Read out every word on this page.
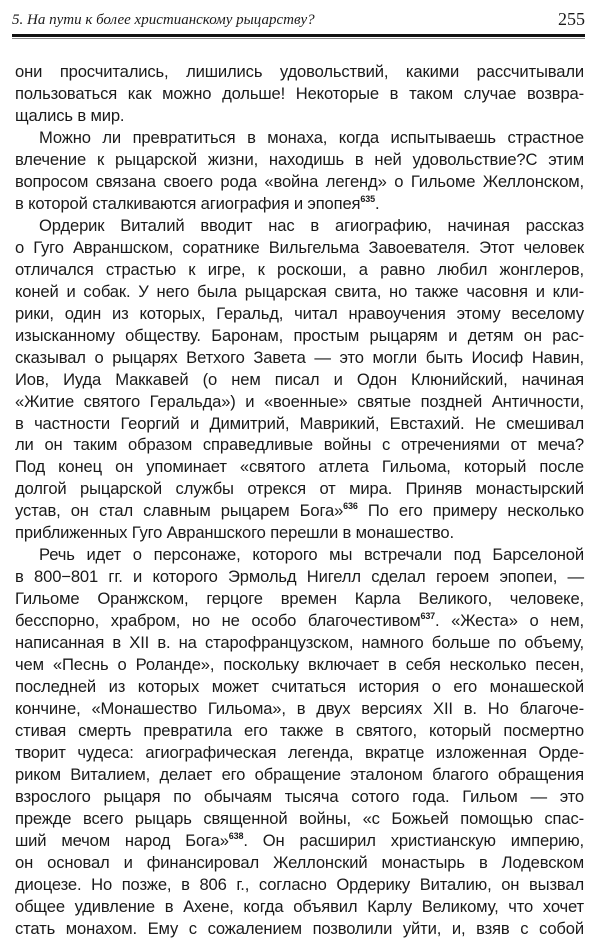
5. На пути к более христианскому рыцарству?	255
они просчитались, лишились удовольствий, какими рассчитывали
пользоваться как можно дольше! Некоторые в таком случае возвра-
щались в мир.
Можно ли превратиться в монаха, когда испытываешь страстное
влечение к рыцарской жизни, находишь в ней удовольствие?С этим
вопросом связана своего рода «война легенд» о Гильоме Желлонском,
в которой сталкиваются агиография и эпопея$^{635}$.
Ордерик Виталий вводит нас в агиографию, начиная рассказ
о Гуго Авраншском, соратнике Вильгельма Завоевателя. Этот человек
отличался страстью к игре, к роскоши, а равно любил жонглеров,
коней и собак. У него была рыцарская свита, но также часовня и кли-
рики, один из которых, Геральд, читал нравоучения этому веселому
изысканному обществу. Баронам, простым рыцарям и детям он рас-
сказывал о рыцарях Ветхого Завета — это могли быть Иосиф Навин,
Иов, Иуда Маккавей (о нем писал и Одон Клюнийский, начиная
«Житие святого Геральда») и «военные» святые поздней Античности,
в частности Георгий и Димитрий, Маврикий, Евстахий. Не смешивал
ли он таким образом справедливые войны с отречениями от меча?
Под конец он упоминает «святого атлета Гильома, который после
долгой рыцарской службы отрекся от мира. Приняв монастырский
устав, он стал славным рыцарем Бога»$^{636}$ По его примеру несколько
приближенных Гуго Авраншского перешли в монашество.
Речь идет о персонаже, которого мы встречали под Барселоной
в 800−801 гг. и которого Эрмольд Нигелл сделал героем эпопеи, —
Гильоме Оранжском, герцоге времен Карла Великого, человеке,
бесспорно, храбром, но не особо благочестивом$^{637}$. «Жеста» о нем,
написанная в XII в. на старофранцузском, намного больше по объему,
чем «Песнь о Роланде», поскольку включает в себя несколько песен,
последней из которых может считаться история о его монашеской
кончине, «Монашество Гильома», в двух версиях XII в. Но благоче-
стивая смерть превратила его также в святого, который посмертно
творит чудеса: агиографическая легенда, вкратце изложенная Орде-
риком Виталием, делает его обращение эталоном благого обращения
взрослого рыцаря по обычаям тысяча сотого года. Гильом — это
прежде всего рыцарь священной войны, «с Божьей помощью спас-
ший мечом народ Бога»$^{638}$. Он расширил христианскую империю,
он основал и финансировал Желлонский монастырь в Лодевском
диоцезе. Но позже, в 806 г., согласно Ордерику Виталию, он вызвал
общее удивление в Ахене, когда объявил Карлу Великому, что хочет
стать монахом. Ему с сожалением позволили уйти, и, взяв с собой
